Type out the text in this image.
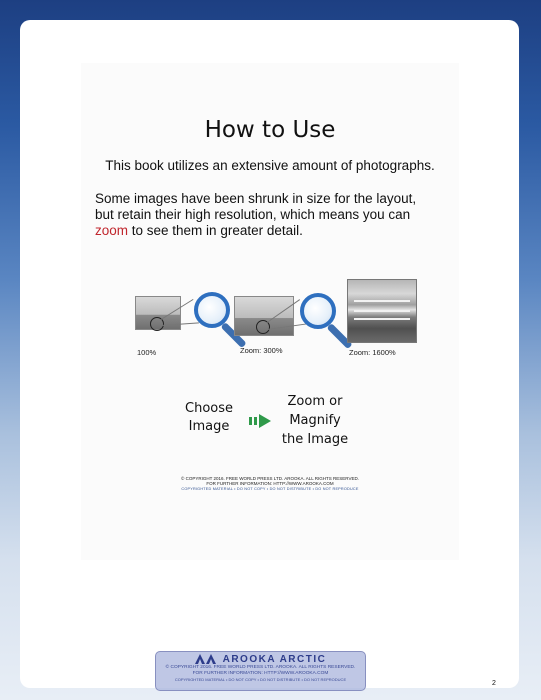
How to Use
This book utilizes an extensive amount of photographs.
Some images have been shrunk in size for the layout,
but retain their high resolution, which means you can
zoom to see them in greater detail.
100%	Zoom: 300%	Zoom: 1600%
Choose
Image
Zoom or
Magnify
the Image
© COPYRIGHT 2016. FREE WORLD PRESS LTD. AROOKA. ALL RIGHTS RESERVED.
FOR FURTHER INFORMATION: HTTP://WWW.AROOKA.COM
COPYRIGHTED MATERIAL • DO NOT COPY • DO NOT DISTRIBUTE • DO NOT REPRODUCE
2
AROOKA ARCTIC
© COPYRIGHT 2016. FREE WORLD PRESS LTD. AROOKA. ALL RIGHTS RESERVED.
FOR FURTHER INFORMATION: HTTP://WWW.AROOKA.COM
COPYRIGHTED MATERIAL • DO NOT COPY • DO NOT DISTRIBUTE • DO NOT REPRODUCE
